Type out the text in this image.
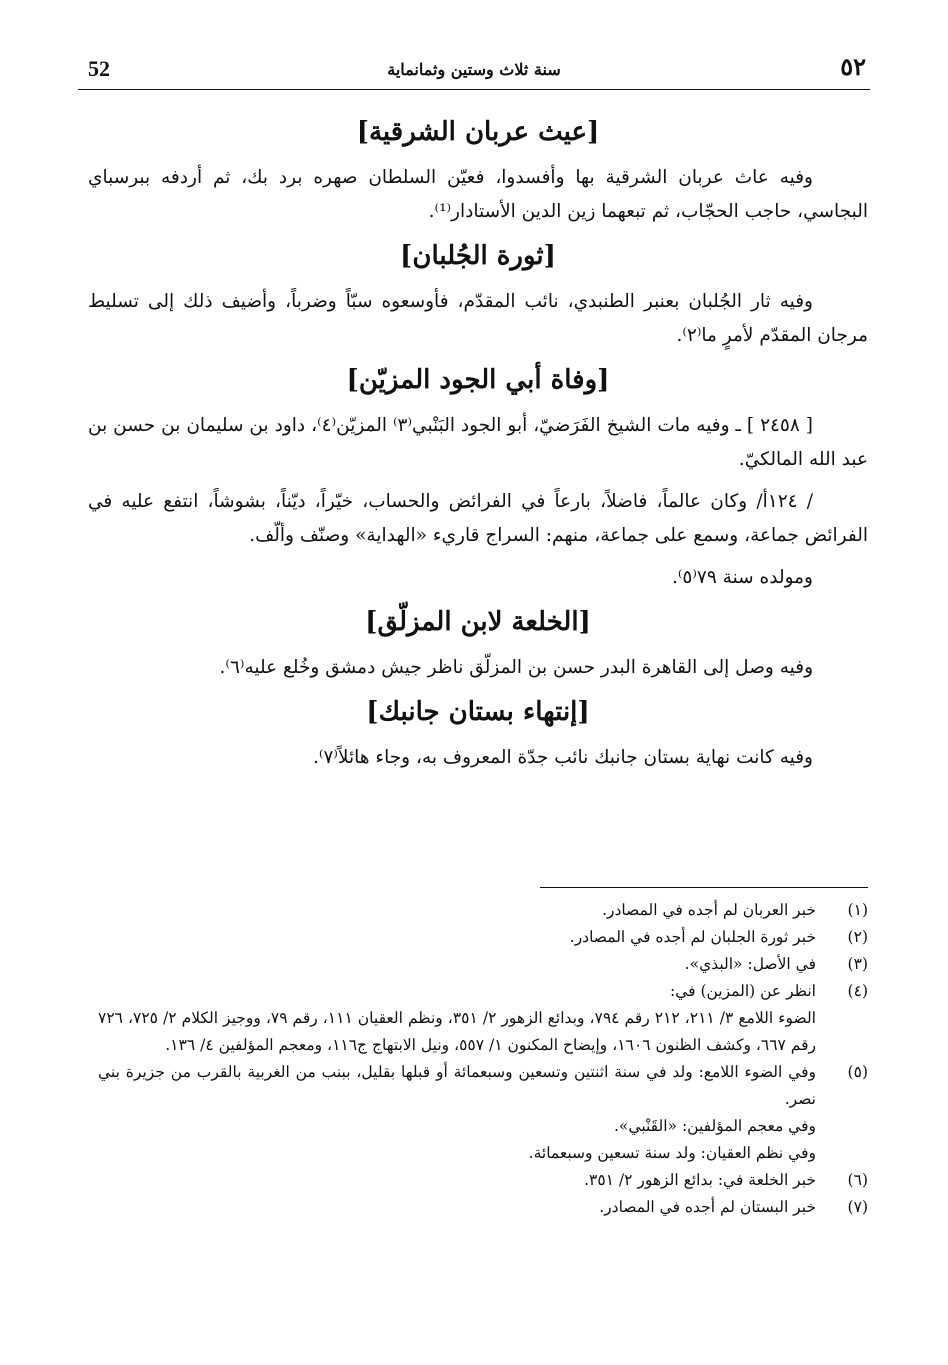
52	سنة ثلاث وستين وثمانماية	٥٢
[عيث عربان الشرقية]

وفيه عاث عربان الشرقية بها وأفسدوا، فعيّن السلطان صهره برد بك، ثم أردفه ببرسباي البجاسي، حاجب الحجّاب، ثم تبعهما زين الدين الأستادار⁽¹⁾.

[ثورة الجُلبان]

وفيه ثار الجُلبان بعنبر الطنبدي، نائب المقدّم، فأوسعوه سبّاً وضرباً، وأضيف ذلك إلى تسليط مرجان المقدّم لأمرٍ ما⁽٢⁾.

[وفاة أبي الجود المزيّن]

[ ٢٤٥٨ ] ـ وفيه مات الشيخ الفَرَضيّ، أبو الجود البَنْبي⁽٣⁾ المزيّن⁽٤⁾، داود بن سليمان بن حسن بن عبد الله المالكيّ.

/ ١٢٤أ/ وكان عالماً، فاضلاً، بارعاً في الفرائض والحساب، خيّراً، ديّناً، بشوشاً، انتفع عليه في الفرائض جماعة، وسمع على جماعة، منهم: السراج قاريء «الهداية» وصنّف وألّف.

ومولده سنة ٧٩⁽٥⁾.

[الخلعة لابن المزلّق]

وفيه وصل إلى القاهرة البدر حسن بن المزلّق ناظر جيش دمشق وخُلع عليه⁽٦⁾.

[إنتهاء بستان جانبك]

وفيه كانت نهاية بستان جانبك نائب جدّة المعروف به، وجاء هائلاً⁽٧⁾.

(١)
خبر العربان لم أجده في المصادر.
(٢)
خبر ثورة الجلبان لم أجده في المصادر.
(٣)
في الأصل: «البذي».
(٤)
انظر عن (المزين) في:
الضوء اللامع ٣/ ٢١١، ٢١٢ رقم ٧٩٤، وبدائع الزهور ٢/ ٣٥١، ونظم العقيان ١١١، رقم ٧٩، ووجيز الكلام ٢/ ٧٢٥، ٧٢٦ رقم ٦٦٧، وكشف الظنون ١٦٠٦، وإيضاح المكنون ١/ ٥٥٧، ونيل الابتهاج ج١١٦، ومعجم المؤلفين ٤/ ١٣٦.
(٥)
وفي الضوء اللامع: ولد في سنة اثنتين وتسعين وسبعمائة أو قبلها بقليل، ببنب من الغربية بالقرب من جزيرة بني نصر.
وفي معجم المؤلفين: «القَنْبي».
وفي نظم العقيان: ولد سنة تسعين وسبعمائة.
(٦)
خبر الخلعة في: بدائع الزهور ٢/ ٣٥١.
(٧)
خبر البستان لم أجده في المصادر.
